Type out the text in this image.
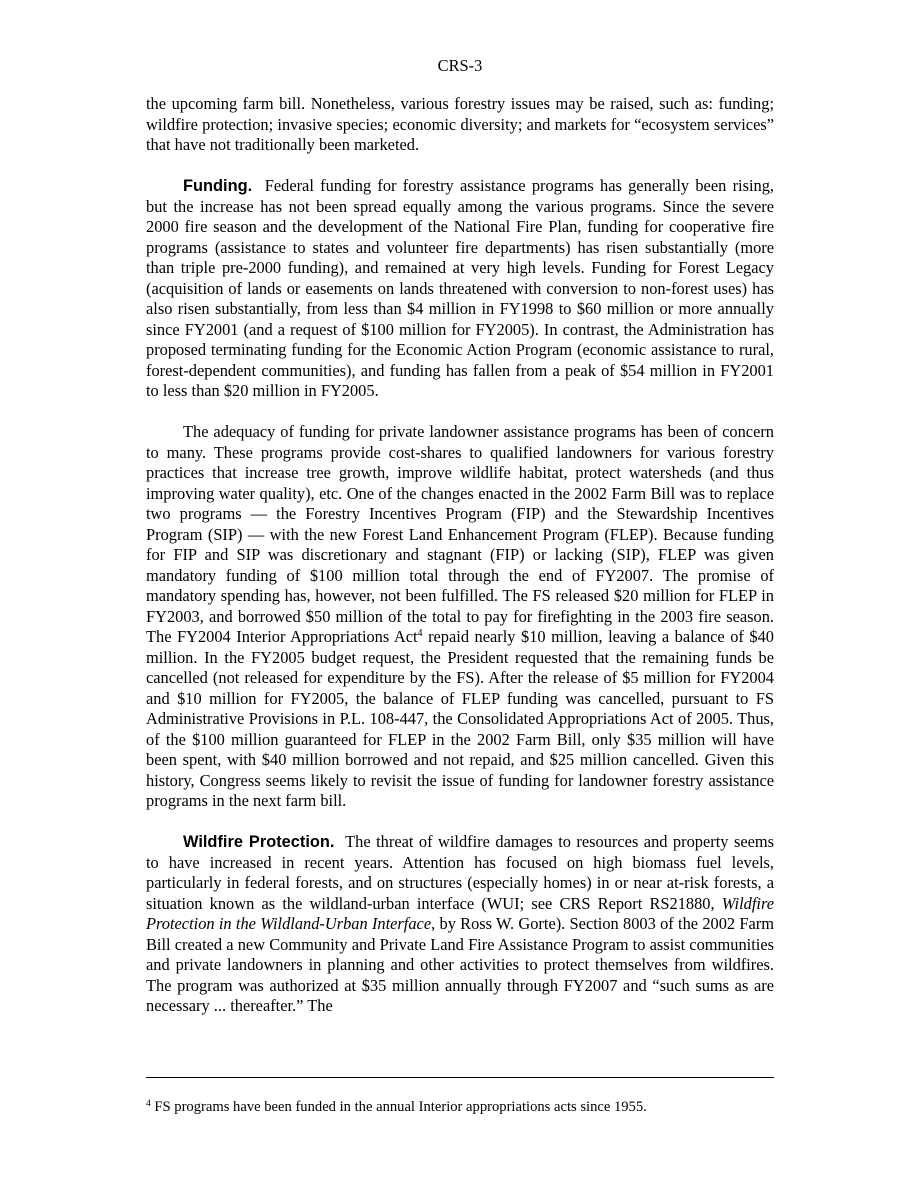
CRS-3

the upcoming farm bill. Nonetheless, various forestry issues may be raised, such as: funding; wildfire protection; invasive species; economic diversity; and markets for “ecosystem services” that have not traditionally been marketed.

Funding. Federal funding for forestry assistance programs has generally been rising, but the increase has not been spread equally among the various programs. Since the severe 2000 fire season and the development of the National Fire Plan, funding for cooperative fire programs (assistance to states and volunteer fire departments) has risen substantially (more than triple pre-2000 funding), and remained at very high levels. Funding for Forest Legacy (acquisition of lands or easements on lands threatened with conversion to non-forest uses) has also risen substantially, from less than $4 million in FY1998 to $60 million or more annually since FY2001 (and a request of $100 million for FY2005). In contrast, the Administration has proposed terminating funding for the Economic Action Program (economic assistance to rural, forest-dependent communities), and funding has fallen from a peak of $54 million in FY2001 to less than $20 million in FY2005.

The adequacy of funding for private landowner assistance programs has been of concern to many. These programs provide cost-shares to qualified landowners for various forestry practices that increase tree growth, improve wildlife habitat, protect watersheds (and thus improving water quality), etc. One of the changes enacted in the 2002 Farm Bill was to replace two programs — the Forestry Incentives Program (FIP) and the Stewardship Incentives Program (SIP) — with the new Forest Land Enhancement Program (FLEP). Because funding for FIP and SIP was discretionary and stagnant (FIP) or lacking (SIP), FLEP was given mandatory funding of $100 million total through the end of FY2007. The promise of mandatory spending has, however, not been fulfilled. The FS released $20 million for FLEP in FY2003, and borrowed $50 million of the total to pay for firefighting in the 2003 fire season. The FY2004 Interior Appropriations Act$^4$ repaid nearly $10 million, leaving a balance of $40 million. In the FY2005 budget request, the President requested that the remaining funds be cancelled (not released for expenditure by the FS). After the release of $5 million for FY2004 and $10 million for FY2005, the balance of FLEP funding was cancelled, pursuant to FS Administrative Provisions in P.L. 108-447, the Consolidated Appropriations Act of 2005. Thus, of the $100 million guaranteed for FLEP in the 2002 Farm Bill, only $35 million will have been spent, with $40 million borrowed and not repaid, and $25 million cancelled. Given this history, Congress seems likely to revisit the issue of funding for landowner forestry assistance programs in the next farm bill.

Wildfire Protection. The threat of wildfire damages to resources and property seems to have increased in recent years. Attention has focused on high biomass fuel levels, particularly in federal forests, and on structures (especially homes) in or near at-risk forests, a situation known as the wildland-urban interface (WUI; see CRS Report RS21880, Wildfire Protection in the Wildland-Urban Interface, by Ross W. Gorte). Section 8003 of the 2002 Farm Bill created a new Community and Private Land Fire Assistance Program to assist communities and private landowners in planning and other activities to protect themselves from wildfires. The program was authorized at $35 million annually through FY2007 and “such sums as are necessary ... thereafter.” The

$^4$ FS programs have been funded in the annual Interior appropriations acts since 1955.
